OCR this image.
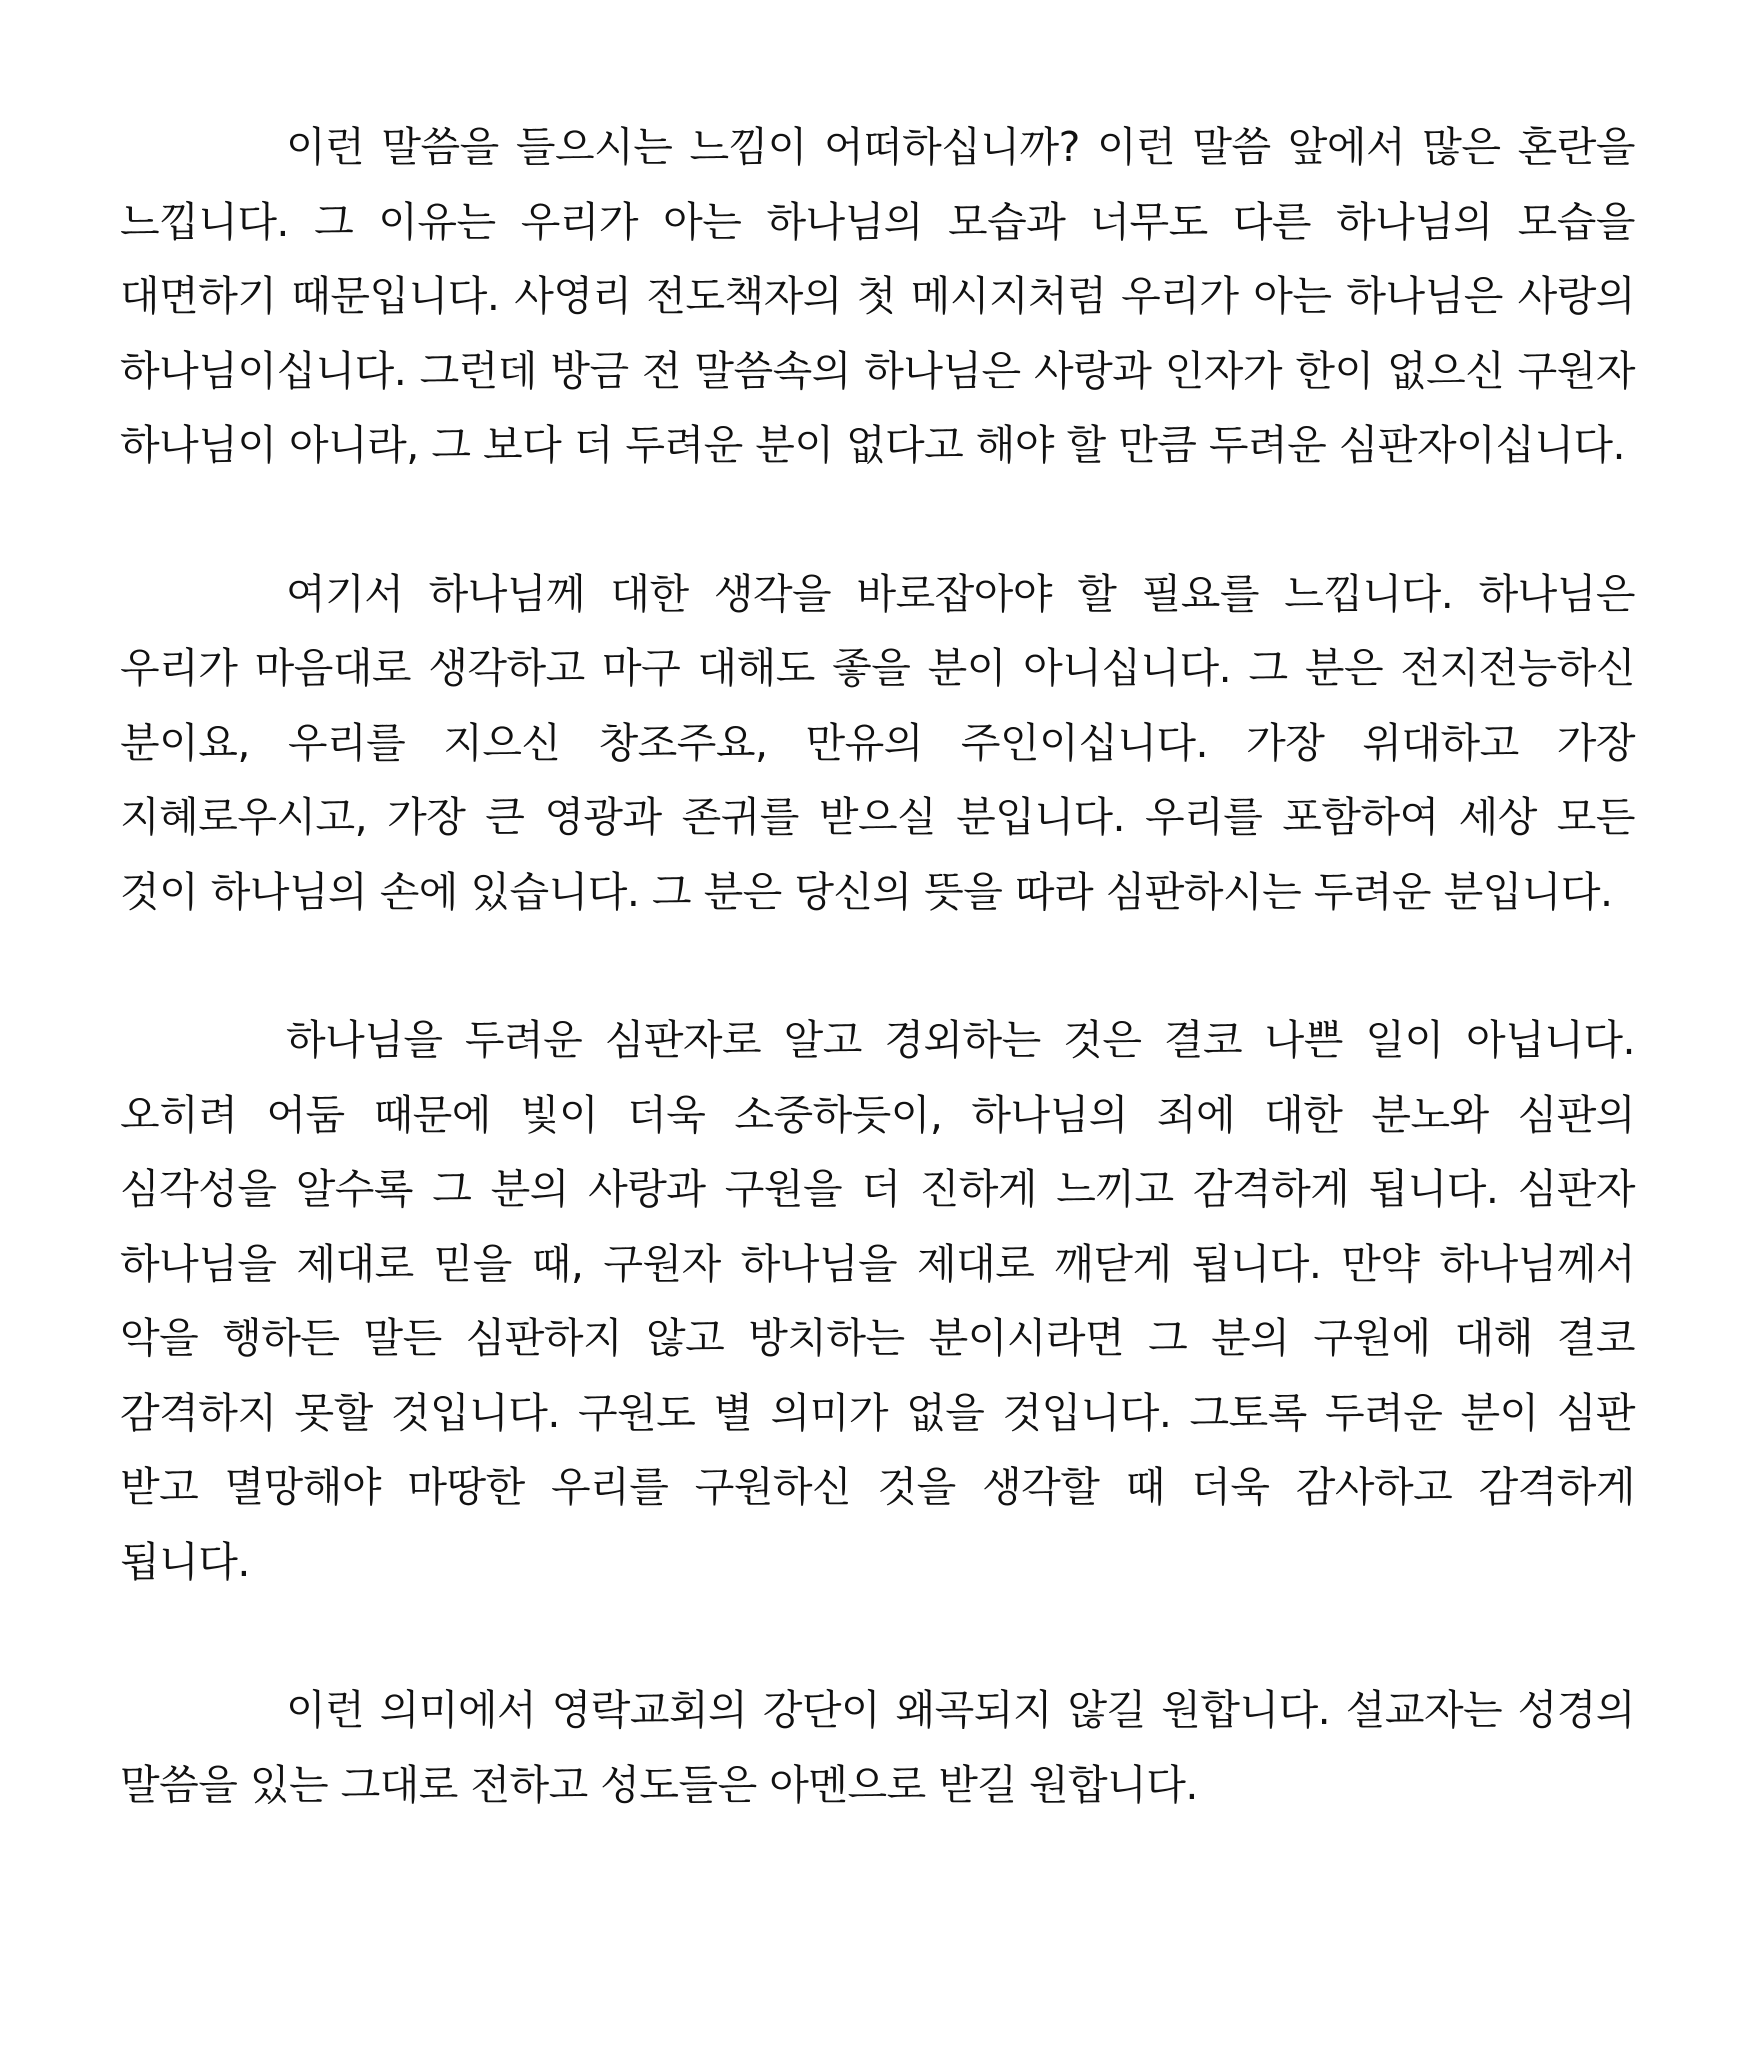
이런 말씀을 들으시는 느낌이 어떠하십니까? 이런 말씀 앞에서 많은 혼란을 느낍니다. 그 이유는 우리가 아는 하나님의 모습과 너무도 다른 하나님의 모습을 대면하기 때문입니다. 사영리 전도책자의 첫 메시지처럼 우리가 아는 하나님은 사랑의 하나님이십니다. 그런데 방금 전 말씀속의 하나님은 사랑과 인자가 한이 없으신 구원자 하나님이 아니라, 그 보다 더 두려운 분이 없다고 해야 할 만큼 두려운 심판자이십니다.

여기서 하나님께 대한 생각을 바로잡아야 할 필요를 느낍니다. 하나님은 우리가 마음대로 생각하고 마구 대해도 좋을 분이 아니십니다. 그 분은 전지전능하신 분이요, 우리를 지으신 창조주요, 만유의 주인이십니다. 가장 위대하고 가장 지혜로우시고, 가장 큰 영광과 존귀를 받으실 분입니다. 우리를 포함하여 세상 모든 것이 하나님의 손에 있습니다. 그 분은 당신의 뜻을 따라 심판하시는 두려운 분입니다.

하나님을 두려운 심판자로 알고 경외하는 것은 결코 나쁜 일이 아닙니다. 오히려 어둠 때문에 빛이 더욱 소중하듯이, 하나님의 죄에 대한 분노와 심판의 심각성을 알수록 그 분의 사랑과 구원을 더 진하게 느끼고 감격하게 됩니다. 심판자 하나님을 제대로 믿을 때, 구원자 하나님을 제대로 깨닫게 됩니다. 만약 하나님께서 악을 행하든 말든 심판하지 않고 방치하는 분이시라면 그 분의 구원에 대해 결코 감격하지 못할 것입니다. 구원도 별 의미가 없을 것입니다. 그토록 두려운 분이 심판 받고 멸망해야 마땅한 우리를 구원하신 것을 생각할 때 더욱 감사하고 감격하게 됩니다.

이런 의미에서 영락교회의 강단이 왜곡되지 않길 원합니다. 설교자는 성경의 말씀을 있는 그대로 전하고 성도들은 아멘으로 받길 원합니다.
